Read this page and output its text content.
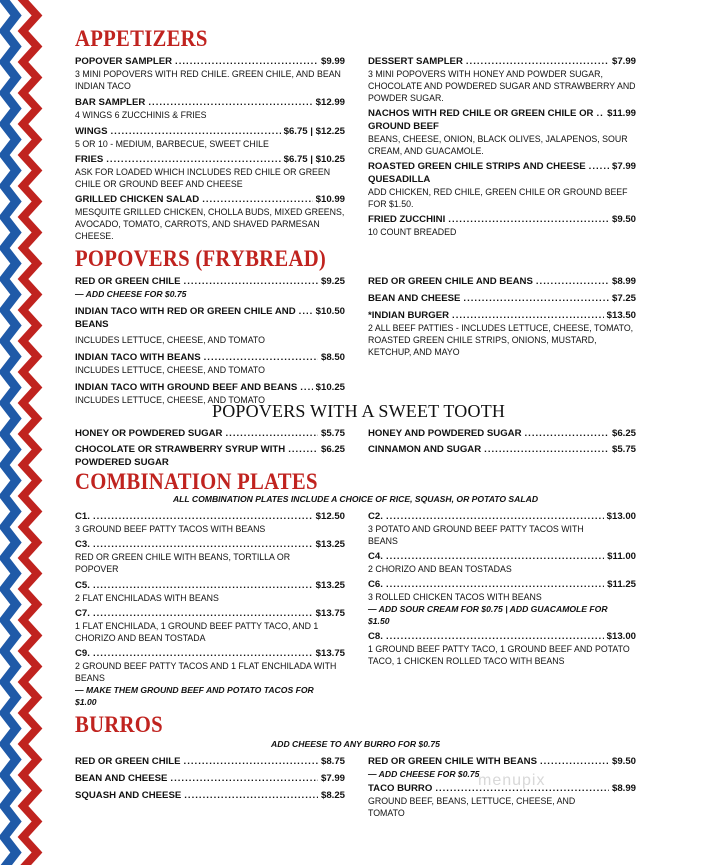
APPETIZERS
POPOVER SAMPLER .....	$9.99
3 MINI POPOVERS WITH RED CHILE. GREEN CHILE, AND BEAN INDIAN TACO
BAR SAMPLER .....	$12.99
4 WINGS 6 ZUCCHINIS & FRIES
WINGS .....	$6.75 | $12.25
5 OR 10 - MEDIUM, BARBECUE, SWEET CHILE
FRIES .....	$6.75 | $10.25
ASK FOR LOADED WHICH INCLUDES RED CHILE OR GREEN CHILE OR GROUND BEEF AND CHEESE
GRILLED CHICKEN SALAD .....	$10.99
MESQUITE GRILLED CHICKEN, CHOLLA BUDS, MIXED GREENS, AVOCADO, TOMATO, CARROTS, AND SHAVED PARMESAN CHEESE.
DESSERT SAMPLER .....	$7.99
3 MINI POPOVERS WITH HONEY AND POWDER SUGAR, CHOCOLATE AND POWDERED SUGAR AND STRAWBERRY AND POWDER SUGAR.
NACHOS WITH RED CHILE OR GREEN CHILE OR ..... $11.99
GROUND BEEF
BEANS, CHEESE, ONION, BLACK OLIVES, JALAPENOS, SOUR CREAM, AND GUACAMOLE.
ROASTED GREEN CHILE STRIPS AND CHEESE .....	$7.99
QUESADILLA
ADD CHICKEN, RED CHILE, GREEN CHILE OR GROUND BEEF FOR $1.50.
FRIED ZUCCHINI .....	$9.50
10 COUNT BREADED
POPOVERS (FRYBREAD)
RED OR GREEN CHILE .....	$9.25
— ADD CHEESE FOR $0.75
INDIAN TACO WITH RED OR GREEN CHILE AND ..... $10.50
BEANS
INCLUDES LETTUCE, CHEESE, AND TOMATO
INDIAN TACO WITH BEANS .....	$8.50
INCLUDES LETTUCE, CHEESE, AND TOMATO
INDIAN TACO WITH GROUND BEEF AND BEANS ..... $10.25
INCLUDES LETTUCE, CHEESE, AND TOMATO
RED OR GREEN CHILE AND BEANS .....	$8.99
BEAN AND CHEESE .....	$7.25
*INDIAN BURGER .....	$13.50
2 ALL BEEF PATTIES - INCLUDES LETTUCE, CHEESE, TOMATO, ROASTED GREEN CHILE STRIPS, ONIONS, MUSTARD, KETCHUP, AND MAYO
POPOVERS WITH A SWEET TOOTH
HONEY OR POWDERED SUGAR .....	$5.75
CHOCOLATE OR STRAWBERRY SYRUP WITH .....	$6.25
POWDERED SUGAR
HONEY AND POWDERED SUGAR .....	$6.25
CINNAMON AND SUGAR .....	$5.75
COMBINATION PLATES
ALL COMBINATION PLATES INCLUDE A CHOICE OF RICE, SQUASH, OR POTATO SALAD
C1. .....	$12.50
3 GROUND BEEF PATTY TACOS WITH BEANS
C3. .....	$13.25
RED OR GREEN CHILE WITH BEANS, TORTILLA OR POPOVER
C5. .....	$13.25
2 FLAT ENCHILADAS WITH BEANS
C7. .....	$13.75
1 FLAT ENCHILADA, 1 GROUND BEEF PATTY TACO, AND 1 CHORIZO AND BEAN TOSTADA
C9. .....	$13.75
2 GROUND BEEF PATTY TACOS AND 1 FLAT ENCHILADA WITH BEANS
— MAKE THEM GROUND BEEF AND POTATO TACOS FOR $1.00
C2. .....	$13.00
3 POTATO AND GROUND BEEF PATTY TACOS WITH BEANS
C4. .....	$11.00
2 CHORIZO AND BEAN TOSTADAS
C6. .....	$11.25
3 ROLLED CHICKEN TACOS WITH BEANS
— ADD SOUR CREAM FOR $0.75 | ADD GUACAMOLE FOR $1.50
C8. .....	$13.00
1 GROUND BEEF PATTY TACO, 1 GROUND BEEF AND POTATO TACO, 1 CHICKEN ROLLED TACO WITH BEANS
BURROS
ADD CHEESE TO ANY BURRO FOR $0.75
RED OR GREEN CHILE .....	$8.75
BEAN AND CHEESE .....	$7.99
SQUASH AND CHEESE .....	$8.25
RED OR GREEN CHILE WITH BEANS .....	$9.50
— ADD CHEESE FOR $0.75
TACO BURRO .....	$8.99
GROUND BEEF, BEANS, LETTUCE, CHEESE, AND TOMATO
menupix
